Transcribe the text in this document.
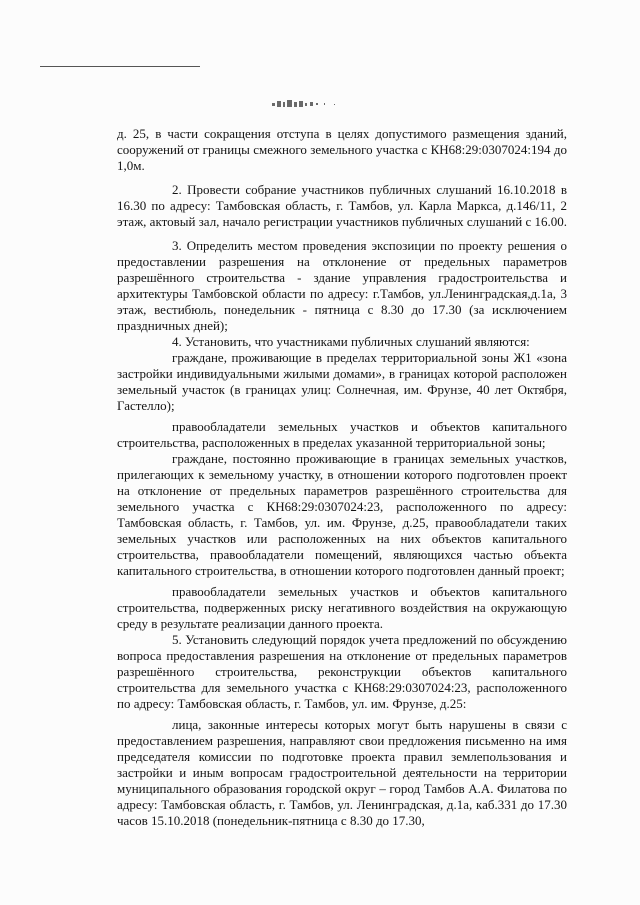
д. 25, в части сокращения отступа в целях допустимого размещения зданий, сооружений от границы смежного земельного участка с КН68:29:0307024:194 до 1,0м.

2. Провести собрание участников публичных слушаний 16.10.2018 в 16.30 по адресу: Тамбовская область, г. Тамбов, ул. Карла Маркса, д.146/11, 2 этаж, актовый зал, начало регистрации участников публичных слушаний с 16.00.

3. Определить местом проведения экспозиции по проекту решения о предоставлении разрешения на отклонение от предельных параметров разрешённого строительства - здание управления градостроительства и архитектуры Тамбовской области по адресу: г.Тамбов, ул.Ленинградская,д.1а, 3 этаж, вестибюль, понедельник - пятница с 8.30 до 17.30 (за исключением праздничных дней);

4. Установить, что участниками публичных слушаний являются:

граждане, проживающие в пределах территориальной зоны Ж1 «зона застройки индивидуальными жилыми домами», в границах которой расположен земельный участок (в границах улиц: Солнечная, им. Фрунзе, 40 лет Октября, Гастелло);

правообладатели земельных участков и объектов капитального строительства, расположенных в пределах указанной территориальной зоны;

граждане, постоянно проживающие в границах земельных участков, прилегающих к земельному участку, в отношении которого подготовлен проект на отклонение от предельных параметров разрешённого строительства для земельного участка с КН68:29:0307024:23, расположенного по адресу: Тамбовская область, г. Тамбов, ул. им. Фрунзе, д.25, правообладатели таких земельных участков или расположенных на них объектов капитального строительства, правообладатели помещений, являющихся частью объекта капитального строительства, в отношении которого подготовлен данный проект;

правообладатели земельных участков и объектов капитального строительства, подверженных риску негативного воздействия на окружающую среду в результате реализации данного проекта.

5. Установить следующий порядок учета предложений по обсуждению вопроса предоставления разрешения на отклонение от предельных параметров разрешённого строительства, реконструкции объектов капитального строительства для земельного участка с КН68:29:0307024:23, расположенного по адресу: Тамбовская область, г. Тамбов, ул. им. Фрунзе, д.25:

лица, законные интересы которых могут быть нарушены в связи с предоставлением разрешения, направляют свои предложения письменно на имя председателя комиссии по подготовке проекта правил землепользования и застройки и иным вопросам градостроительной деятельности на территории муниципального образования городской округ – город Тамбов А.А. Филатова по адресу: Тамбовская область, г. Тамбов, ул. Ленинградская, д.1а, каб.331 до 17.30 часов 15.10.2018 (понедельник-пятница с 8.30 до 17.30,
